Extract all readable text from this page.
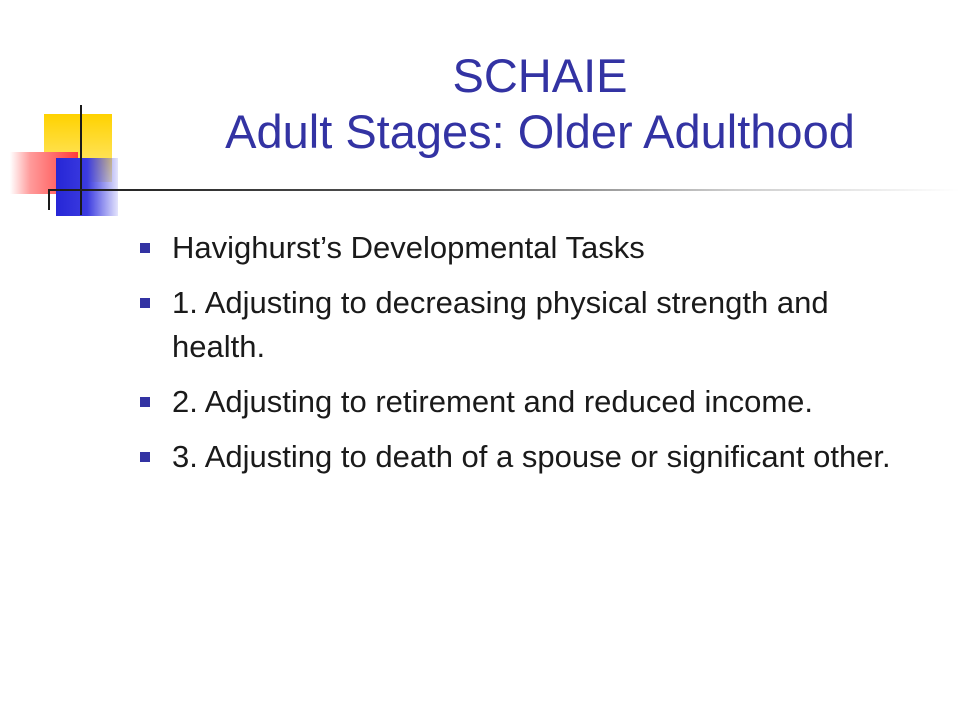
SCHAIE
Adult Stages: Older Adulthood
Havighurst’s Developmental Tasks
1. Adjusting to decreasing physical strength and health.
2. Adjusting to retirement and reduced income.
3. Adjusting to death of a spouse or significant other.
